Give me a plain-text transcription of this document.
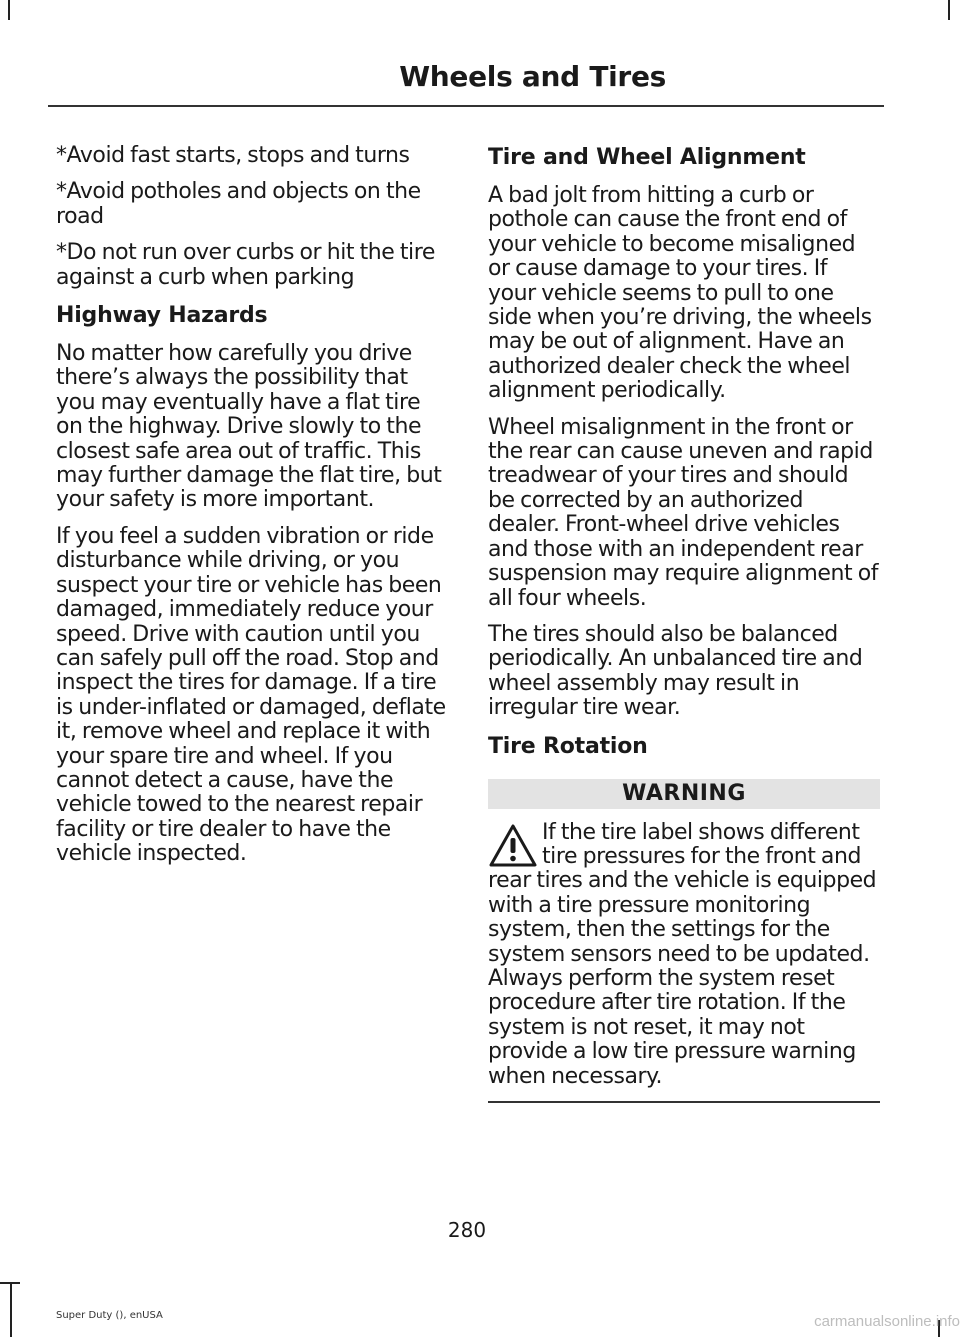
Wheels and Tires

*Avoid fast starts, stops and turns

*Avoid potholes and objects on the road

*Do not run over curbs or hit the tire against a curb when parking

Highway Hazards

No matter how carefully you drive there’s always the possibility that you may eventually have a flat tire on the highway. Drive slowly to the closest safe area out of traffic. This may further damage the flat tire, but your safety is more important.

If you feel a sudden vibration or ride disturbance while driving, or you suspect your tire or vehicle has been damaged, immediately reduce your speed. Drive with caution until you can safely pull off the road. Stop and inspect the tires for damage. If a tire is under-inflated or damaged, deflate it, remove wheel and replace it with your spare tire and wheel. If you cannot detect a cause, have the vehicle towed to the nearest repair facility or tire dealer to have the vehicle inspected.

Tire and Wheel Alignment

A bad jolt from hitting a curb or pothole can cause the front end of your vehicle to become misaligned or cause damage to your tires. If your vehicle seems to pull to one side when you’re driving, the wheels may be out of alignment. Have an authorized dealer check the wheel alignment periodically.

Wheel misalignment in the front or the rear can cause uneven and rapid treadwear of your tires and should be corrected by an authorized dealer. Front-wheel drive vehicles and those with an independent rear suspension may require alignment of all four wheels.

The tires should also be balanced periodically. An unbalanced tire and wheel assembly may result in irregular tire wear.

Tire Rotation
WARNING
If the tire label shows different tire pressures for the front and rear tires and the vehicle is equipped with a tire pressure monitoring system, then the settings for the system sensors need to be updated. Always perform the system reset procedure after tire rotation. If the system is not reset, it may not provide a low tire pressure warning when necessary.
280
Super Duty (), enUSA	carmanualsonline.info
